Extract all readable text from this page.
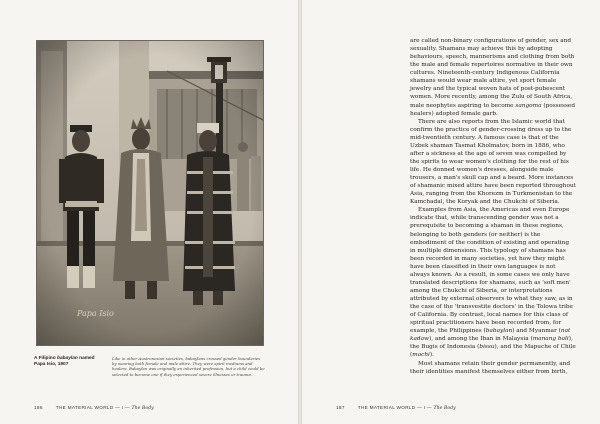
Papa Isio
A Filipino babaylan named Papa Isio, 1907
Like in other Austronesian societies, babaylans crossed gender boundaries by wearing both female and male attire. They were spirit mediums and healers. Babaylan was originally an inherited profession, but a child could be selected to become one if they experienced severe illnesses or trauma.
186	THE MATERIAL WORLD — I — The Body

are called non-binary configurations of gender, sex and sexuality. Shamans may achieve this by adopting behaviours, speech, mannerisms and clothing from both the male and female repertoires normative in their own cultures. Nineteenth-century Indigenous California shamans would wear male attire, yet sport female jewelry and the typical woven hats of post-pubescent women. More recently, among the Zulu of South Africa, male neophytes aspiring to become sangoma (possessed healers) adopted female garb.

There are also reports from the Islamic world that confirm the practice of gender-crossing dress up to the mid-twentieth century. A famous case is that of the Uzbek shaman Tasmat Kholmatov, born in 1886, who after a sickness at the age of seven was compelled by the spirits to wear women's clothing for the rest of his life. He donned women's dresses, alongside male trousers, a man's skull cap and a beard. More instances of shamanic mixed attire have been reported throughout Asia, ranging from the Khorezm in Turkmenistan to the Kamchadal, the Koryak and the Chukchi of Siberia.

Examples from Asia, the Americas and even Europe indicate that, while transcending gender was not a prerequisite to becoming a shaman in these regions, belonging to both genders (or neither) is the embodiment of the condition of existing and operating in multiple dimensions. This typology of shamans has been recorded in many societies, yet how they might have been classified in their own languages is not always known. As a result, in some cases we only have translated descriptions for shamans, such as 'soft men' among the Chukchi of Siberia, or interpretations attributed by external observers to what they saw, as in the case of the 'transvestite doctors' in the Tolowa tribe of California. By contrast, local names for this class of spiritual practitioners have been recorded from, for example, the Philippines (babaylan) and Myanmar (nat kadaw), and among the Iban in Malaysia (manang bali), the Bugis of Indonesia (bissu), and the Mapuche of Chile (machi).

Most shamans retain their gender permanently, and their identities manifest themselves either from birth,

187	THE MATERIAL WORLD — I — The Body
